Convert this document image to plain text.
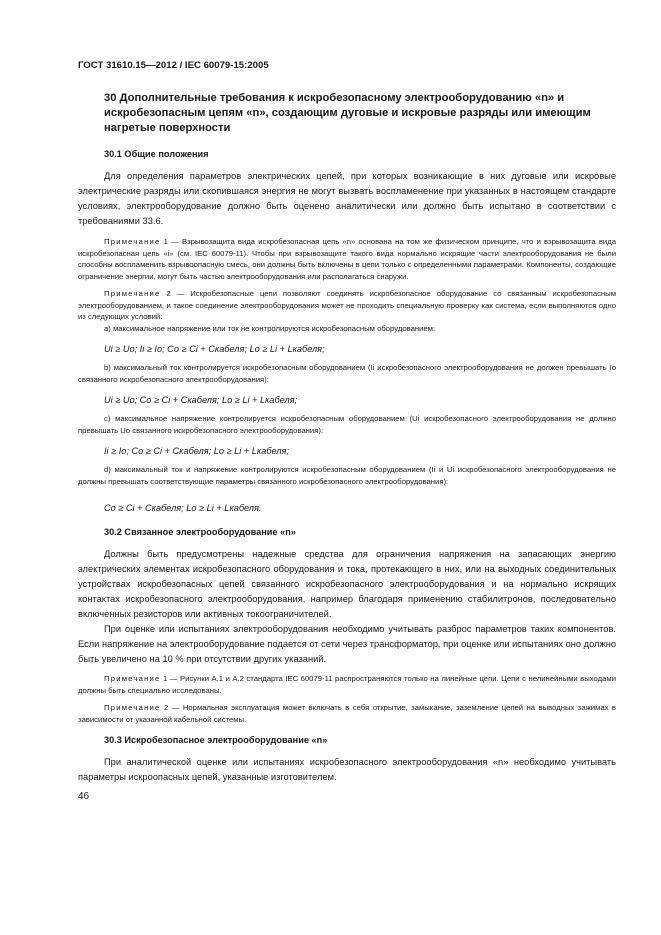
ГОСТ 31610.15—2012 / IEC 60079-15:2005
30 Дополнительные требования к искробезопасному электрооборудованию «n» и искробезопасным цепям «n», создающим дуговые и искровые разряды или имеющим нагретые поверхности
30.1 Общие положения

Для определения параметров электрических цепей, при которых возникающие в них дуговые или искровые электрические разряды или скопившаяся энергия не могут вызвать воспламенение при указанных в настоящем стандарте условиях, электрооборудование должно быть оценено аналитически или должно быть испытано в соответствии с требованиями 33.6.

Примечание 1 — Взрывозащита вида искробезопасная цепь «n» основана на том же физическом принципе, что и взрывозащита вида искробезопасная цепь «i» (см. IEC 60079-11). Чтобы при взрывозащите такого вида нормально искрящие части электрооборудования не были способны воспламенить взрывоопасную смесь, они должны быть включены в цепи только с определенными параметрами. Компоненты, создающие ограничение энергии, могут быть частью электрооборудования или располагаться снаружи.

Примечание 2 — Искробезопасные цепи позволяют соединять искробезопасное оборудование со связанным искробезопасным электрооборудованием, и такое соединение электрооборудования может не проходить специальную проверку как система, если выполняются одно из следующих условий:

a) максимальное напряжение или ток не контролируются искробезопасным оборудованием:

Ui ≥ Uo; Ii ≥ Io; Co ≥ Ci + Cкабеля; Lo ≥ Li + Lкабеля;

b) максимальный ток контролируется искробезопасным оборудованием (Ii искробезопасного электрооборудования не должен превышать Io связанного искробезопасного электрооборудования):

Ui ≥ Uo; Co ≥ Ci + Cкабеля; Lo ≥ Li + Lкабеля;

c) максимальное напряжение контролируется искробезопасным оборудованием (Ui искробезопасного электрооборудования не должно превышать Uo связанного искробезопасного электрооборудования):

Ii ≥ Io; Co ≥ Ci + Cкабеля; Lo ≥ Li + Lкабеля;

d) максимальный ток и напряжение контролируются искробезопасным оборудованием (Ii и Ui искробезопасного электрооборудования не должны превышать соответствующие параметры связанного искробезопасного электрооборудования):

Co ≥ Ci + Cкабеля; Lo ≥ Li + Lкабеля.

30.2 Связанное электрооборудование «n»

Должны быть предусмотрены надежные средства для ограничения напряжения на запасающих энергию электрических элементах искробезопасного оборудования и тока, протекающего в них, или на выходных соединительных устройствах искробезопасных цепей связанного искробезопасного электрооборудования и на нормально искрящих контактах искробезопасного электрооборудования, например благодаря применению стабилитронов, последовательно включенных резисторов или активных токоограничителей.

При оценке или испытаниях электрооборудования необходимо учитывать разброс параметров таких компонентов. Если напряжение на электрооборудование подается от сети через трансформатор, при оценке или испытаниях оно должно быть увеличено на 10 % при отсутствии других указаний.

Примечание 1 — Рисунки А.1 и А.2 стандарта IEC 60079-11 распространяются только на линейные цепи. Цепи с нелинейными выходами должны быть специально исследованы.

Примечание 2 — Нормальная эксплуатация может включать в себя открытие, замыкание, заземление цепей на выводных зажимах в зависимости от указанной кабельной системы.

30.3 Искробезопасное электрооборудование «n»

При аналитической оценке или испытаниях искробезопасного электрооборудования «n» необходимо учитывать параметры искроопасных цепей, указанные изготовителем.

46
